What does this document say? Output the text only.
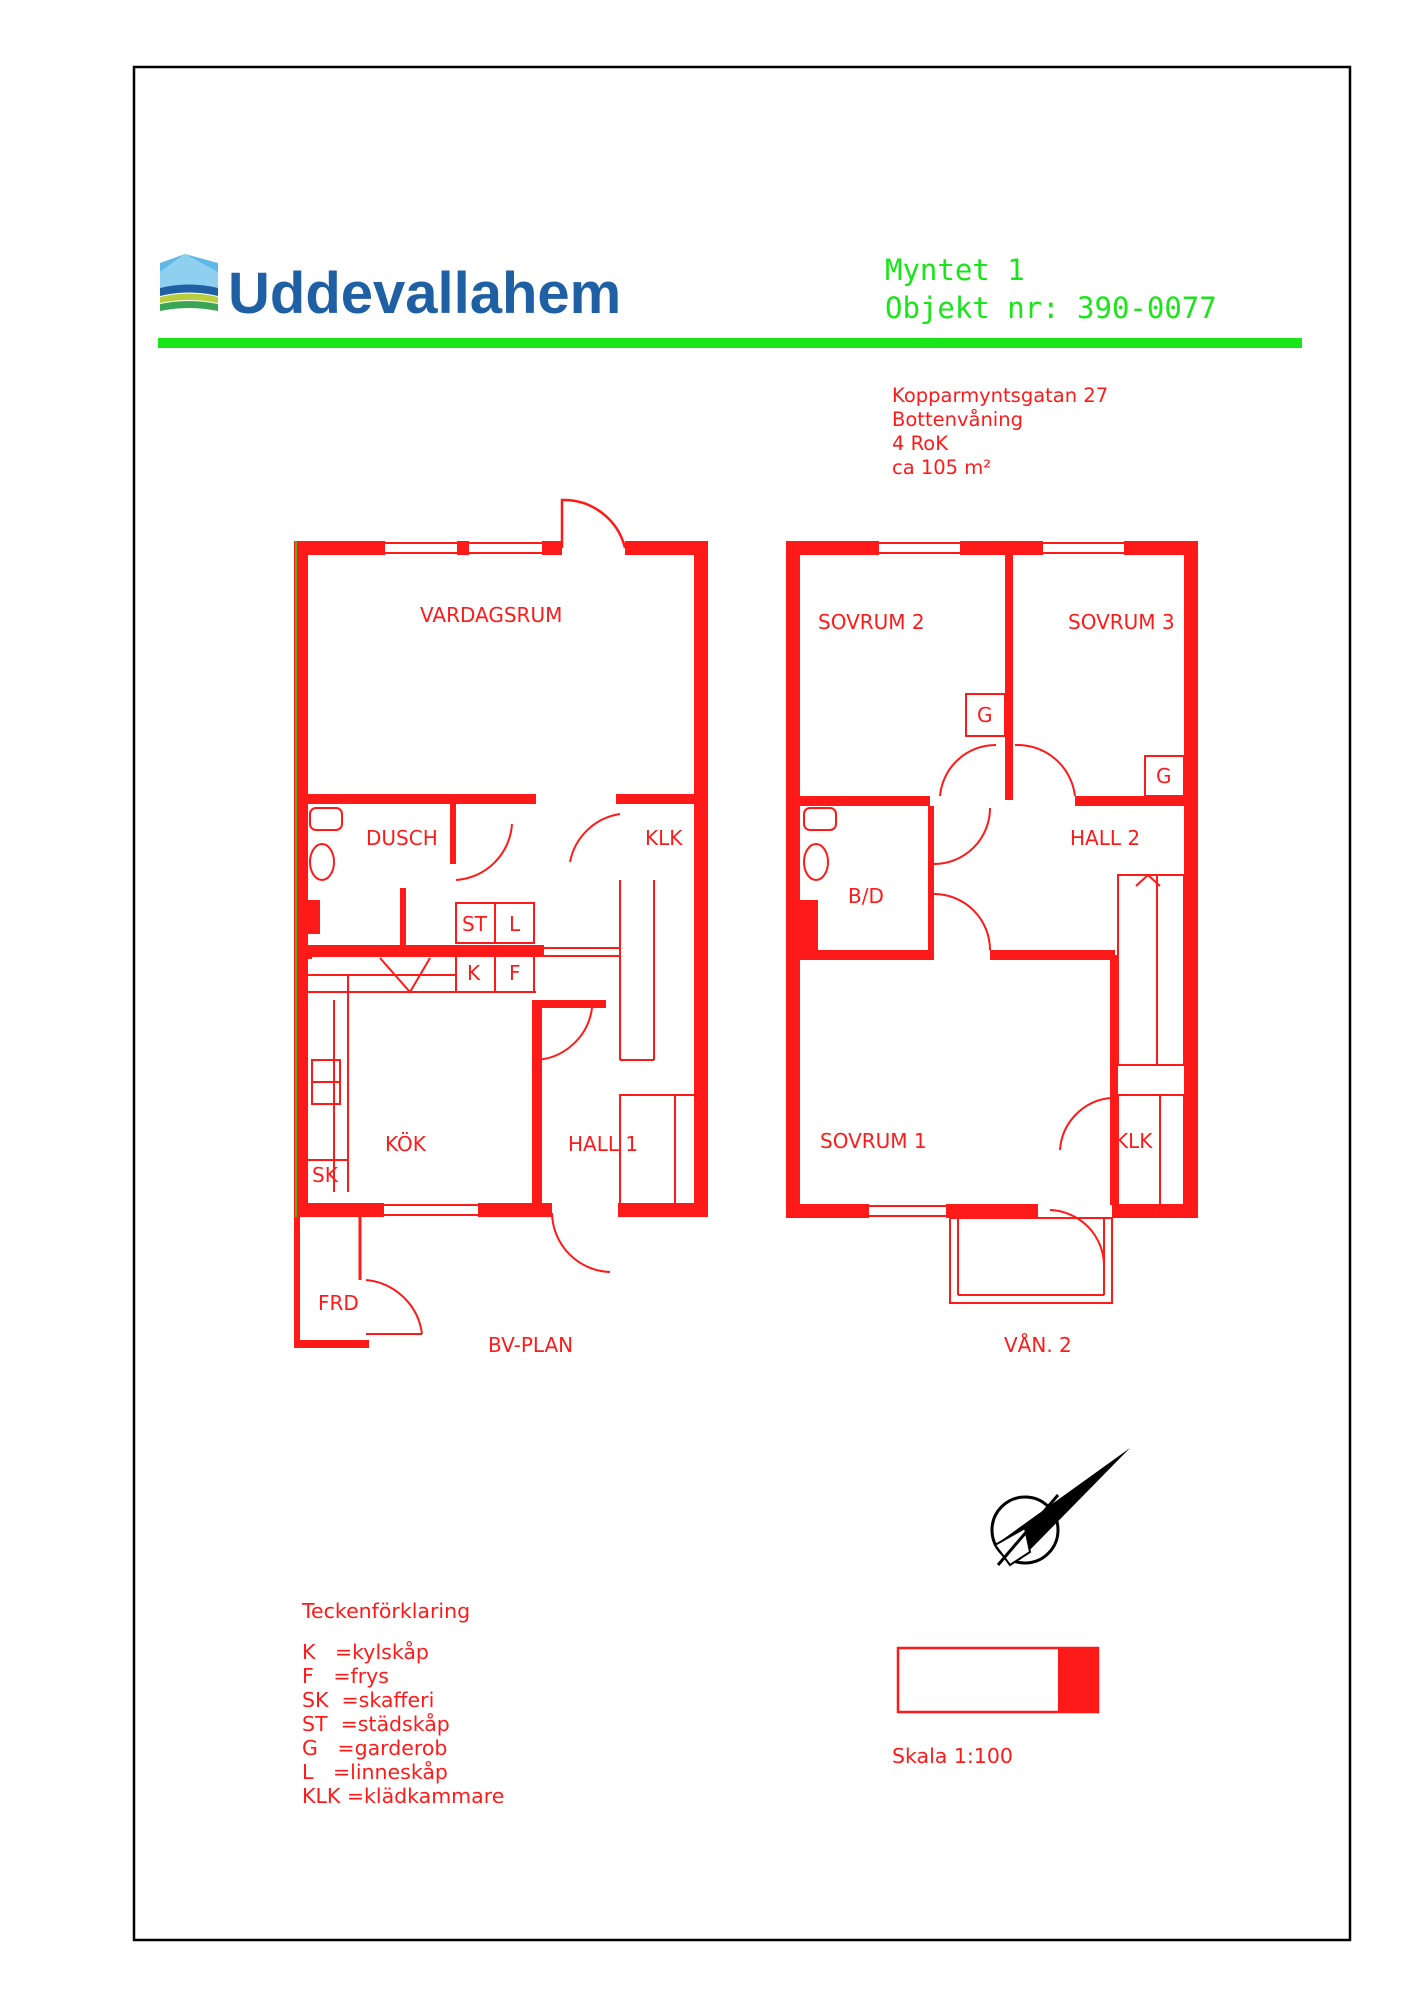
Uddevallahem	Myntet 1
Objekt nr: 390-0077
Kopparmyntsgatan 27
Bottenvåning
4 RoK
ca 105 m²
VARDAGSRUM
DUSCH	KLK
ST L
K F
KÖK	HALL 1
SK
FRD
BV-PLAN
SOVRUM 2	SOVRUM 3
G
G
HALL 2
B/D
SOVRUM 1	KLK
VÅN. 2
Teckenförklaring
K   =kylskåp
F   =frys
SK  =skafferi
ST  =städskåp
G   =garderob
L   =linneskåp
KLK =klädkammare
Skala 1:100
